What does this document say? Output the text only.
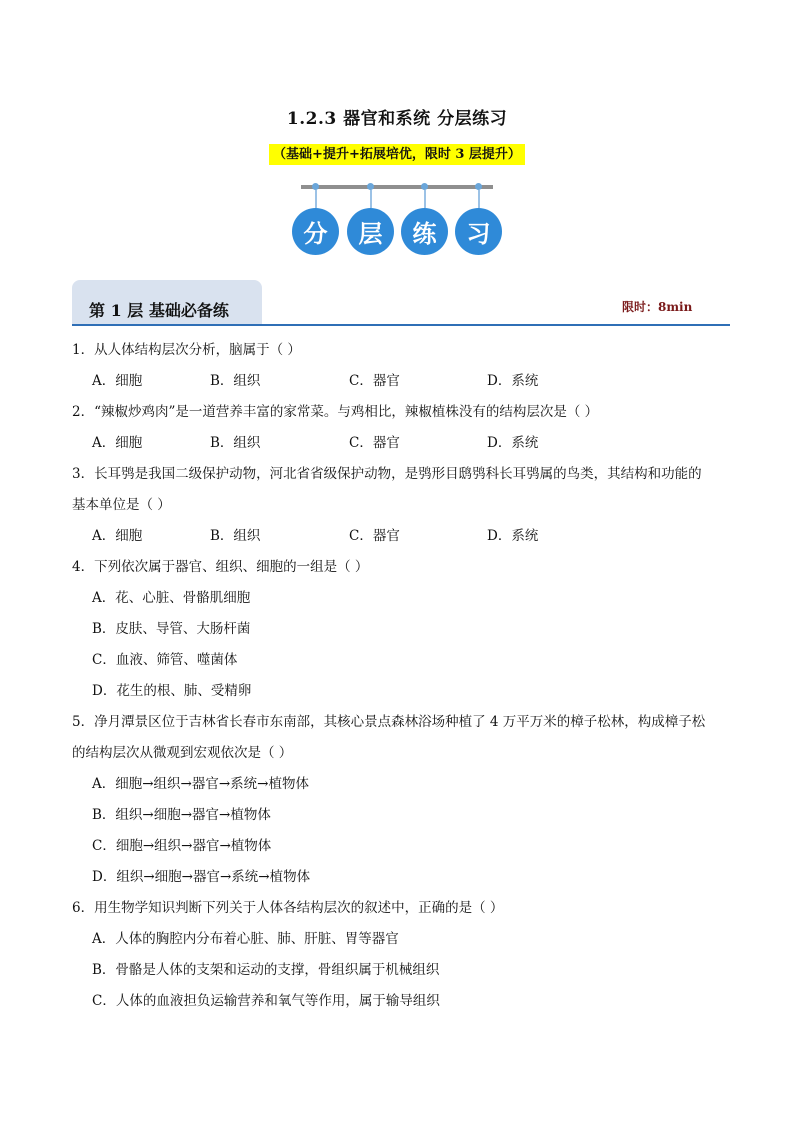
1.2.3 器官和系统 分层练习
（基础+提升+拓展培优，限时 3 层提升）
分	层	练	习
第 1 层 基础必备练	限时：8min
1．从人体结构层次分析，脑属于（ ）
A．细胞	B．组织	C．器官	D．系统
2．“辣椒炒鸡肉”是一道营养丰富的家常菜。与鸡相比，辣椒植株没有的结构层次是（ ）
A．细胞	B．组织	C．器官	D．系统
3．长耳鸮是我国二级保护动物，河北省省级保护动物，是鸮形目鸱鸮科长耳鸮属的鸟类，其结构和功能的
基本单位是（ ）
A．细胞	B．组织	C．器官	D．系统
4．下列依次属于器官、组织、细胞的一组是（ ）
A．花、心脏、骨骼肌细胞
B．皮肤、导管、大肠杆菌
C．血液、筛管、噬菌体
D．花生的根、肺、受精卵
5．净月潭景区位于吉林省长春市东南部，其核心景点森林浴场种植了 4 万平万米的樟子松林，构成樟子松
的结构层次从微观到宏观依次是（ ）
A．细胞→组织→器官→系统→植物体
B．组织→细胞→器官→植物体
C．细胞→组织→器官→植物体
D．组织→细胞→器官→系统→植物体
6．用生物学知识判断下列关于人体各结构层次的叙述中，正确的是（ ）
A．人体的胸腔内分布着心脏、肺、肝脏、胃等器官
B．骨骼是人体的支架和运动的支撑，骨组织属于机械组织
C．人体的血液担负运输营养和氧气等作用，属于输导组织
